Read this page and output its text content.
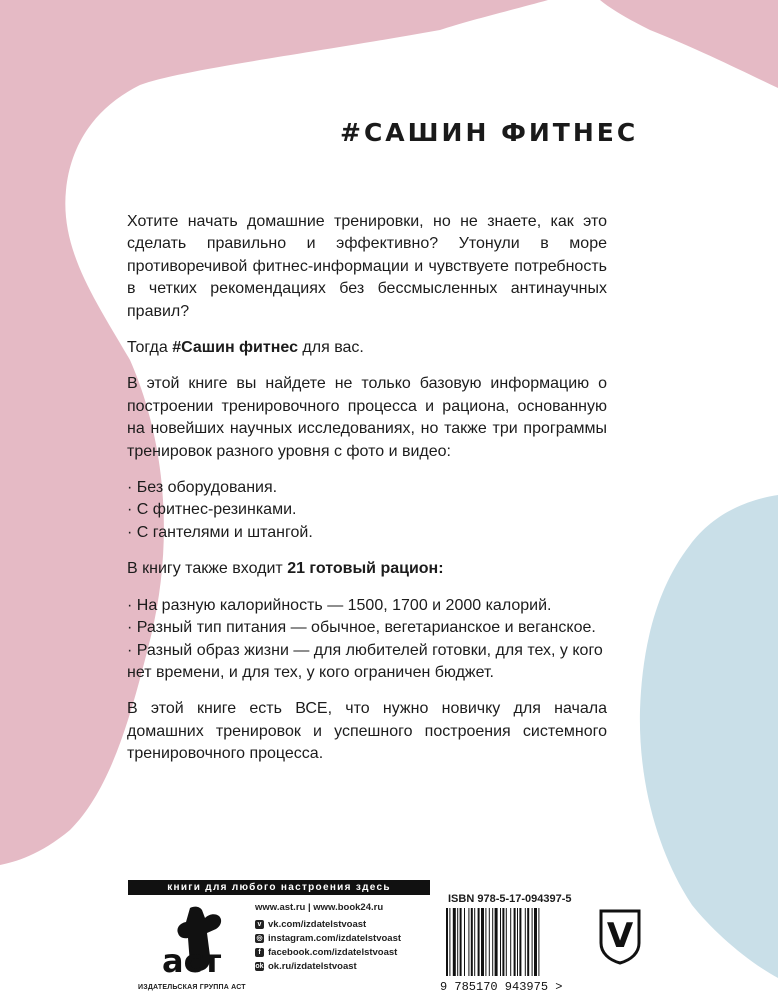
#САШИН ФИТНЕС

Хотите начать домашние тренировки, но не знаете, как это сделать правильно и эффективно? Утонули в море противоречивой фитнес-информации и чувствуете потребность в четких рекомендациях без бессмысленных антинаучных правил?

Тогда #Сашин фитнес для вас.

В этой книге вы найдете не только базовую информацию о построении тренировочного процесса и рациона, основанную на новейших научных исследованиях, но также три программы тренировок разного уровня с фото и видео:

· Без оборудования.
· С фитнес-резинками.
· С гантелями и штангой.

В книгу также входит 21 готовый рацион:

· На разную калорийность — 1500, 1700 и 2000 калорий.
· Разный тип питания — обычное, вегетарианское и веганское.
· Разный образ жизни — для любителей готовки, для тех, у кого нет времени, и для тех, у кого ограничен бюджет.

В этой книге есть ВСЕ, что нужно новичку для начала домашних тренировок и успешного построения системного тренировочного процесса.

книги для любого настроения здесь
аст
ИЗДАТЕЛЬСКАЯ ГРУППА АСТ
www.ast.ru | www.book24.ru
v vk.com/izdatelstvoast
◎ instagram.com/izdatelstvoast
f facebook.com/izdatelstvoast
ok ok.ru/izdatelstvoast
ISBN 978-5-17-094397-5
9 785170 943975 >
V
